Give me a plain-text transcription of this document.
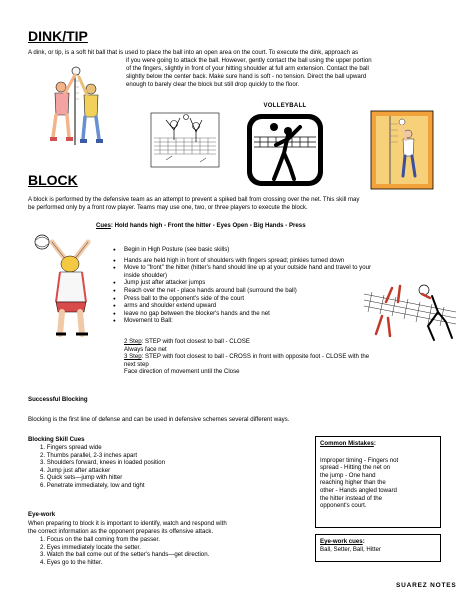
DINK/TIP
A dink, or tip, is a soft hit ball that is used to place the ball into an open area on the court. To execute the dink, approach as
if you were going to attack the ball. However, gently contact the ball using the upper portion
of the fingers, slightly in front of your hitting shoulder at full arm extension. Contact the ball
slightly below the center back. Make sure hand is soft - no tension. Direct the ball upward
enough to barely clear the block but still drop quickly to the floor.
VOLLEYBALL
BLOCK
A block is performed by the defensive team as an attempt to prevent a spiked ball from crossing over the net. This skill may
be performed only by a front row player. Teams may use one, two, or three players to execute the block.
Cues: Hold hands high - Front the hitter - Eyes Open - Big Hands - Press
● Begin in High Posture (see basic skills)
● Hands are held high in front of shoulders with fingers spread; pinkies turned down
● Move to "front" the hitter (hitter's hand should line up at your outside hand and travel to your
inside shoulder)
● Jump just after attacker jumps
● Reach over the net - place hands around ball (surround the ball)
● Press ball to the opponent's side of the court
● arms and shoulder extend upward
● leave no gap between the blocker's hands and the net
● Movement to Ball:
2 Step: STEP with foot closest to ball - CLOSE
Always face net
3 Step: STEP with foot closest to ball - CROSS in front with opposite foot - CLOSE with the
next step
Face direction of movement until the Close
Successful Blocking
Blocking is the first line of defense and can be used in defensive schemes several different ways.
Blocking Skill Cues
1. Fingers spread wide
2. Thumbs parallel, 2-3 inches apart
3. Shoulders forward, knees in loaded position
4. Jump just after attacker
5. Quick sets—jump with hitter
6. Penetrate immediately, low and tight
Eye-work
When preparing to block it is important to identify, watch and respond with
the correct information as the opponent prepares its offensive attack.
1. Focus on the ball coming from the passer.
2. Eyes immediately locate the setter.
3. Watch the ball come out of the setter's hands—get direction.
4. Eyes go to the hitter.
Common Mistakes:
Improper timing - Fingers not
spread - Hitting the net on
the jump - One hand
reaching higher than the
other - Hands angled toward
the hitter instead of the
opponent's court.
Eye-work cues:
Ball, Setter, Ball, Hitter
SUAREZ NOTES
